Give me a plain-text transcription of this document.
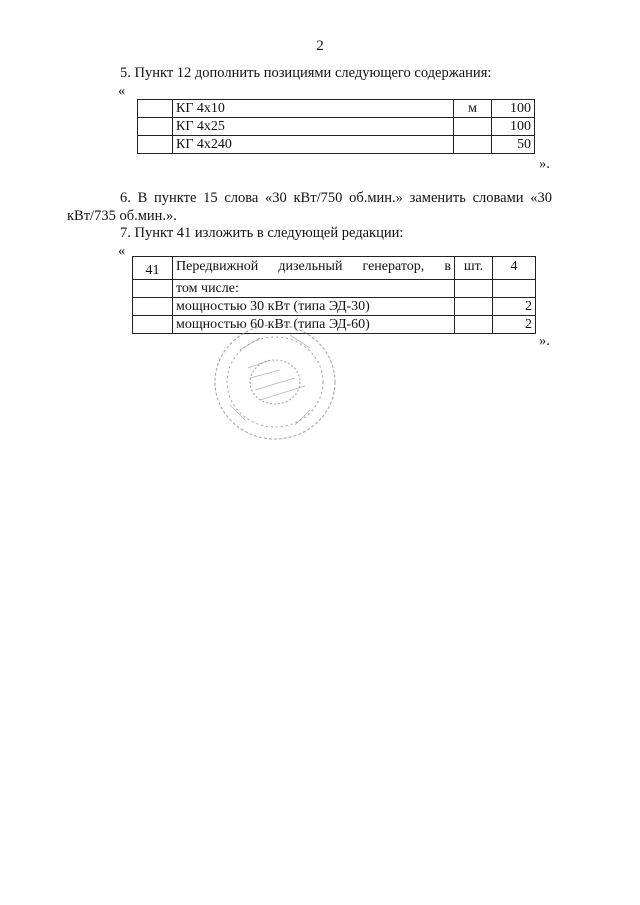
2
5. Пункт 12 дополнить позициями следующего содержания:
«
	КГ 4х10	м	100
	КГ 4х25		100
	КГ 4х240		50
».
6. В пункте 15 слова «30 кВт/750 об.мин.» заменить словами «30
кВт/735 об.мин.».
7. Пункт 41 изложить в следующей редакции:
«
41	Передвижной дизельный генератор, в	шт.	4
	том числе:		
	мощностью 30 кВт (типа ЭД-30)		2
	мощностью 60 кВт (типа ЭД-60)		2
».
